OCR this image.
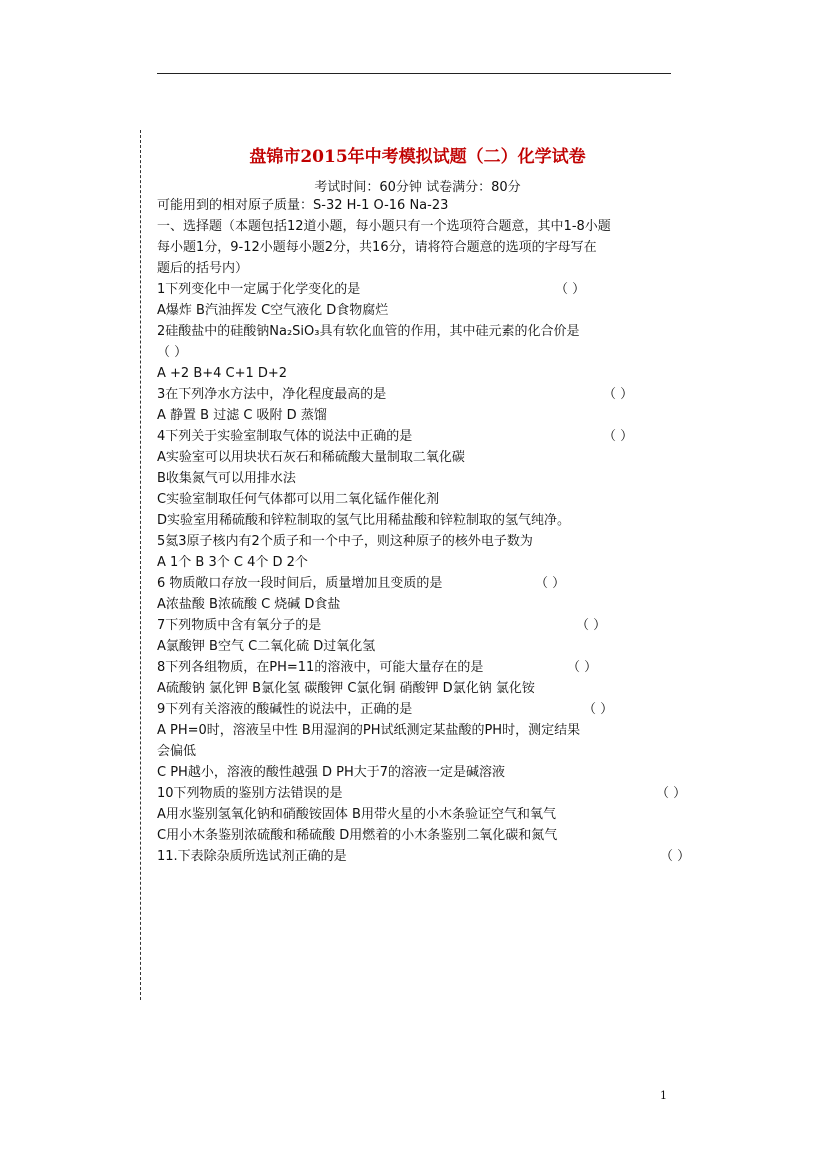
盘锦市2015年中考模拟试题（二）化学试卷
考试时间：60分钟 试卷满分：80分
可能用到的相对原子质量：S-32 H-1 O-16 Na-23
一、选择题（本题包括12道小题，每小题只有一个选项符合题意，其中1-8小题
每小题1分，9-12小题每小题2分，共16分，请将符合题意的选项的字母写在
题后的括号内）
1下列变化中一定属于化学变化的是	（ ）
A爆炸 B汽油挥发 C空气液化 D食物腐烂
2硅酸盐中的硅酸钠Na₂SiO₃具有软化血管的作用，其中硅元素的化合价是
（ ）
A +2 B+4 C+1 D+2
3在下列净水方法中，净化程度最高的是	（ ）
A 静置 B 过滤 C 吸附 D 蒸馏
4下列关于实验室制取气体的说法中正确的是	（ ）
A实验室可以用块状石灰石和稀硫酸大量制取二氧化碳
B收集氮气可以用排水法
C实验室制取任何气体都可以用二氧化锰作催化剂
D实验室用稀硫酸和锌粒制取的氢气比用稀盐酸和锌粒制取的氢气纯净。
5氦3原子核内有2个质子和一个中子，则这种原子的核外电子数为
A 1个 B 3个 C 4个 D 2个
6 物质敞口存放一段时间后，质量增加且变质的是	（ ）
A浓盐酸 B浓硫酸 C 烧碱 D食盐
7下列物质中含有氧分子的是	（ ）
A氯酸钾 B空气 C二氧化硫 D过氧化氢
8下列各组物质，在PH=11的溶液中，可能大量存在的是	（ ）
A硫酸钠 氯化钾 B氯化氢 碳酸钾 C氯化铜 硝酸钾 D氯化钠 氯化铵
9下列有关溶液的酸碱性的说法中，正确的是	（ ）
A PH=0时，溶液呈中性 B用湿润的PH试纸测定某盐酸的PH时，测定结果
会偏低
C PH越小，溶液的酸性越强 D PH大于7的溶液一定是碱溶液
10下列物质的鉴别方法错误的是	（ ）
A用水鉴别氢氧化钠和硝酸铵固体 B用带火星的小木条验证空气和氧气
C用小木条鉴别浓硫酸和稀硫酸 D用燃着的小木条鉴别二氧化碳和氮气
11.下表除杂质所选试剂正确的是	（ ）
1
